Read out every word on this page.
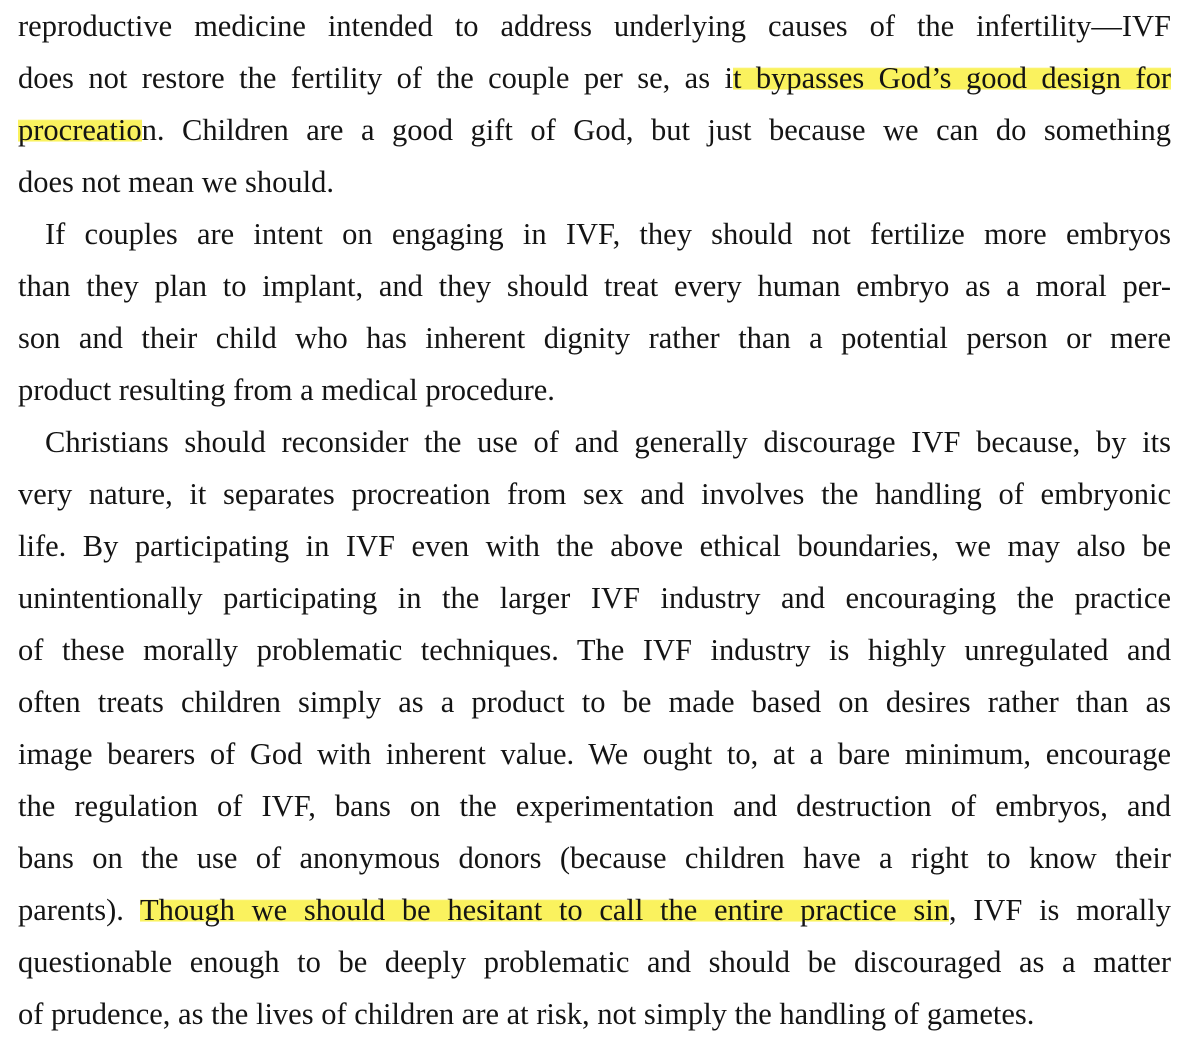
reproductive medicine intended to address underlying causes of the infertility—IVF
does not restore the fertility of the couple per se, as it bypasses God’s good design for
procreation. Children are a good gift of God, but just because we can do something
does not mean we should.
If couples are intent on engaging in IVF, they should not fertilize more embryos
than they plan to implant, and they should treat every human embryo as a moral per-
son and their child who has inherent dignity rather than a potential person or mere
product resulting from a medical procedure.
Christians should reconsider the use of and generally discourage IVF because, by its
very nature, it separates procreation from sex and involves the handling of embryonic
life. By participating in IVF even with the above ethical boundaries, we may also be
unintentionally participating in the larger IVF industry and encouraging the practice
of these morally problematic techniques. The IVF industry is highly unregulated and
often treats children simply as a product to be made based on desires rather than as
image bearers of God with inherent value. We ought to, at a bare minimum, encourage
the regulation of IVF, bans on the experimentation and destruction of embryos, and
bans on the use of anonymous donors (because children have a right to know their
parents). Though we should be hesitant to call the entire practice sin, IVF is morally
questionable enough to be deeply problematic and should be discouraged as a matter
of prudence, as the lives of children are at risk, not simply the handling of gametes.
